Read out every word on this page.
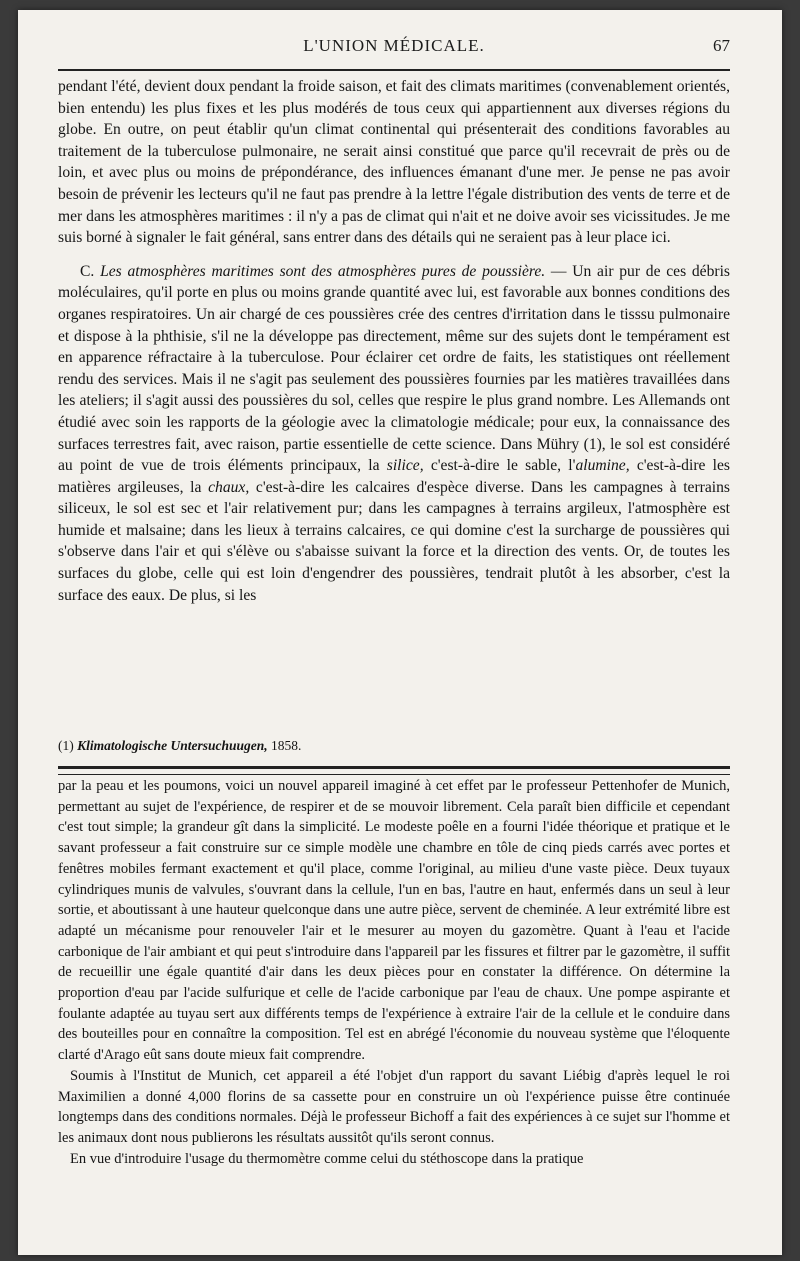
L'UNION MÉDICALE.	67

pendant l'été, devient doux pendant la froide saison, et fait des climats maritimes (convenablement orientés, bien entendu) les plus fixes et les plus modérés de tous ceux qui appartiennent aux diverses régions du globe. En outre, on peut établir qu'un climat continental qui présenterait des conditions favorables au traitement de la tuberculose pulmonaire, ne serait ainsi constitué que parce qu'il recevrait de près ou de loin, et avec plus ou moins de prépondérance, des influences émanant d'une mer. Je pense ne pas avoir besoin de prévenir les lecteurs qu'il ne faut pas prendre à la lettre l'égale distribution des vents de terre et de mer dans les atmosphères maritimes : il n'y a pas de climat qui n'ait et ne doive avoir ses vicissitudes. Je me suis borné à signaler le fait général, sans entrer dans des détails qui ne seraient pas à leur place ici.

C. Les atmosphères maritimes sont des atmosphères pures de poussière. — Un air pur de ces débris moléculaires, qu'il porte en plus ou moins grande quantité avec lui, est favorable aux bonnes conditions des organes respiratoires. Un air chargé de ces poussières crée des centres d'irritation dans le tisssu pulmonaire et dispose à la phthisie, s'il ne la développe pas directement, même sur des sujets dont le tempérament est en apparence réfractaire à la tuberculose. Pour éclairer cet ordre de faits, les statistiques ont réellement rendu des services. Mais il ne s'agit pas seulement des poussières fournies par les matières travaillées dans les ateliers; il s'agit aussi des poussières du sol, celles que respire le plus grand nombre. Les Allemands ont étudié avec soin les rapports de la géologie avec la climatologie médicale; pour eux, la connaissance des surfaces terrestres fait, avec raison, partie essentielle de cette science. Dans Mühry (1), le sol est considéré au point de vue de trois éléments principaux, la silice, c'est-à-dire le sable, l'alumine, c'est-à-dire les matières argileuses, la chaux, c'est-à-dire les calcaires d'espèce diverse. Dans les campagnes à terrains siliceux, le sol est sec et l'air relativement pur; dans les campagnes à terrains argileux, l'atmosphère est humide et malsaine; dans les lieux à terrains calcaires, ce qui domine c'est la surcharge de poussières qui s'observe dans l'air et qui s'élève ou s'abaisse suivant la force et la direction des vents. Or, de toutes les surfaces du globe, celle qui est loin d'engendrer des poussières, tendrait plutôt à les absorber, c'est la surface des eaux. De plus, si les

(1) Klimatologische Untersuchuugen, 1858.

par la peau et les poumons, voici un nouvel appareil imaginé à cet effet par le professeur Pettenhofer de Munich, permettant au sujet de l'expérience, de respirer et de se mouvoir librement. Cela paraît bien difficile et cependant c'est tout simple; la grandeur gît dans la simplicité. Le modeste poêle en a fourni l'idée théorique et pratique et le savant professeur a fait construire sur ce simple modèle une chambre en tôle de cinq pieds carrés avec portes et fenêtres mobiles fermant exactement et qu'il place, comme l'original, au milieu d'une vaste pièce. Deux tuyaux cylindriques munis de valvules, s'ouvrant dans la cellule, l'un en bas, l'autre en haut, enfermés dans un seul à leur sortie, et aboutissant à une hauteur quelconque dans une autre pièce, servent de cheminée. A leur extrémité libre est adapté un mécanisme pour renouveler l'air et le mesurer au moyen du gazomètre. Quant à l'eau et l'acide carbonique de l'air ambiant et qui peut s'introduire dans l'appareil par les fissures et filtrer par le gazomètre, il suffit de recueillir une égale quantité d'air dans les deux pièces pour en constater la différence. On détermine la proportion d'eau par l'acide sulfurique et celle de l'acide carbonique par l'eau de chaux. Une pompe aspirante et foulante adaptée au tuyau sert aux différents temps de l'expérience à extraire l'air de la cellule et le conduire dans des bouteilles pour en connaître la composition. Tel est en abrégé l'économie du nouveau système que l'éloquente clarté d'Arago eût sans doute mieux fait comprendre.

Soumis à l'Institut de Munich, cet appareil a été l'objet d'un rapport du savant Liébig d'après lequel le roi Maximilien a donné 4,000 florins de sa cassette pour en construire un où l'expérience puisse être continuée longtemps dans des conditions normales. Déjà le professeur Bichoff a fait des expériences à ce sujet sur l'homme et les animaux dont nous publierons les résultats aussitôt qu'ils seront connus.

En vue d'introduire l'usage du thermomètre comme celui du stéthoscope dans la pratique
